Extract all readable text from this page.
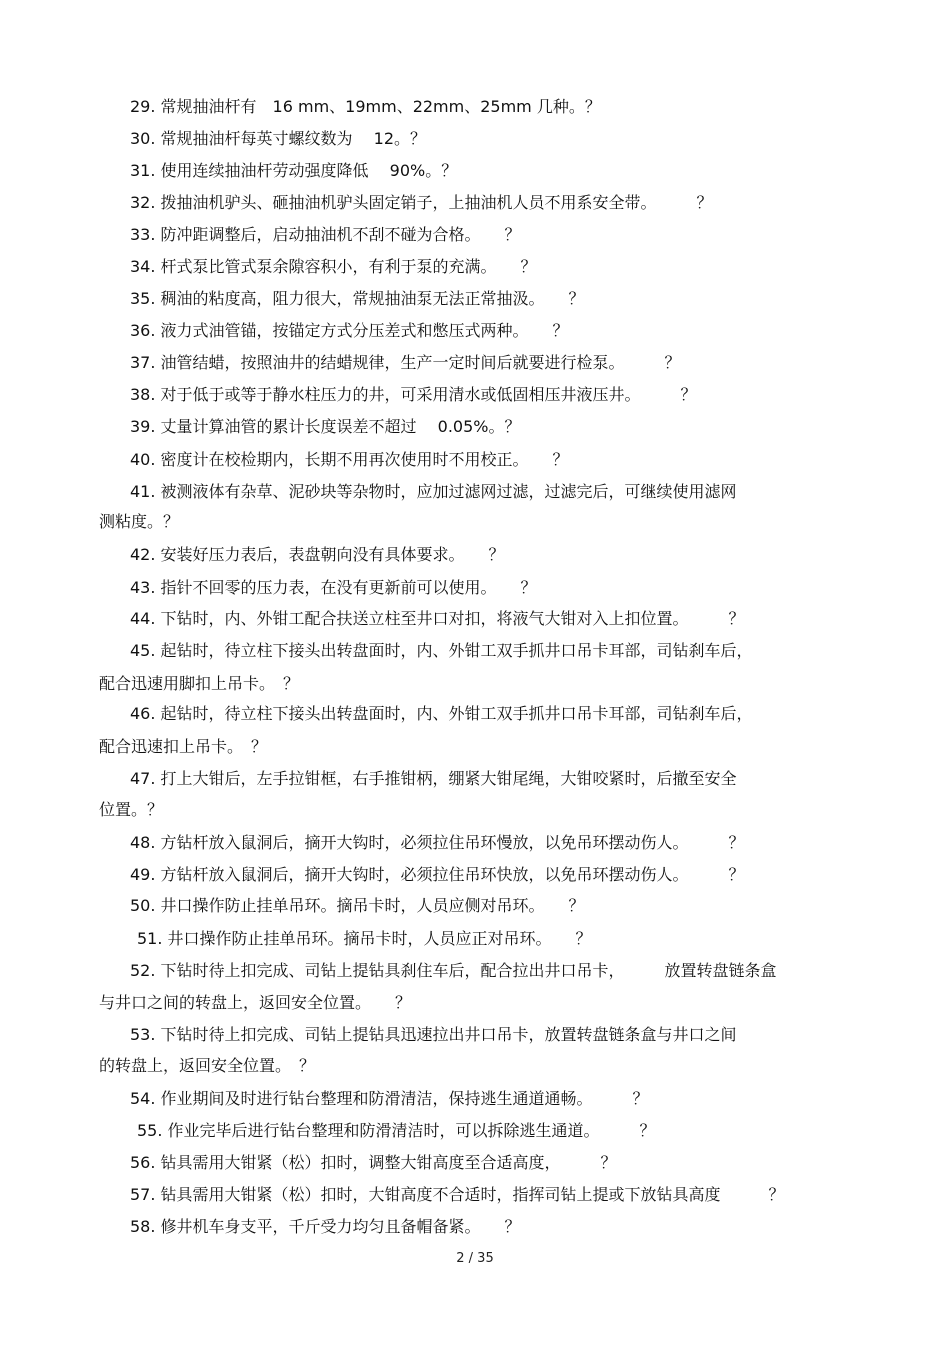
29. 常规抽油杆有　16 mm、19mm、22mm、25mm 几种。？
30. 常规抽油杆每英寸螺纹数为　 12。？
31. 使用连续抽油杆劳动强度降低　 90%。？
32. 拨抽油机驴头、砸抽油机驴头固定销子，上抽油机人员不用系安全带。　　　？
33. 防冲距调整后，启动抽油机不刮不碰为合格。　　？
34. 杆式泵比管式泵余隙容积小，有利于泵的充满。　　？
35. 稠油的粘度高，阻力很大，常规抽油泵无法正常抽汲。　　？
36. 液力式油管锚，按锚定方式分压差式和憋压式两种。　　？
37. 油管结蜡，按照油井的结蜡规律，生产一定时间后就要进行检泵。　　　？
38. 对于低于或等于静水柱压力的井，可采用清水或低固相压井液压井。　　　？
39. 丈量计算油管的累计长度误差不超过　 0.05%。？
40. 密度计在校检期内，长期不用再次使用时不用校正。　　？
41. 被测液体有杂草、泥砂块等杂物时，应加过滤网过滤，过滤完后，可继续使用滤网
测粘度。？
42. 安装好压力表后，表盘朝向没有具体要求。　　？
43. 指针不回零的压力表，在没有更新前可以使用。　　？
44. 下钻时，内、外钳工配合扶送立柱至井口对扣，将液气大钳对入上扣位置。　　　？
45. 起钻时，待立柱下接头出转盘面时，内、外钳工双手抓井口吊卡耳部，司钻刹车后，
配合迅速用脚扣上吊卡。　？
46. 起钻时，待立柱下接头出转盘面时，内、外钳工双手抓井口吊卡耳部，司钻刹车后，
配合迅速扣上吊卡。　？
47. 打上大钳后，左手拉钳框，右手推钳柄，绷紧大钳尾绳，大钳咬紧时，后撤至安全
位置。？
48. 方钻杆放入鼠洞后，摘开大钩时，必须拉住吊环慢放，以免吊环摆动伤人。　　　？
49. 方钻杆放入鼠洞后，摘开大钩时，必须拉住吊环快放，以免吊环摆动伤人。　　　？
50. 井口操作防止挂单吊环。摘吊卡时，人员应侧对吊环。　　？
51. 井口操作防止挂单吊环。摘吊卡时，人员应正对吊环。　　？
52. 下钻时待上扣完成、司钻上提钻具刹住车后，配合拉出井口吊卡，　　　放置转盘链条盒
与井口之间的转盘上，返回安全位置。　　？
53. 下钻时待上扣完成、司钻上提钻具迅速拉出井口吊卡，放置转盘链条盒与井口之间
的转盘上，返回安全位置。　？
54. 作业期间及时进行钻台整理和防滑清洁，保持逃生通道通畅。　　　？
55. 作业完毕后进行钻台整理和防滑清洁时，可以拆除逃生通道。　　　？
56. 钻具需用大钳紧（松）扣时，调整大钳高度至合适高度，　　　？
57. 钻具需用大钳紧（松）扣时，大钳高度不合适时，指挥司钻上提或下放钻具高度　　　？
58. 修井机车身支平，千斤受力均匀且备帽备紧。　　？
2 / 35
